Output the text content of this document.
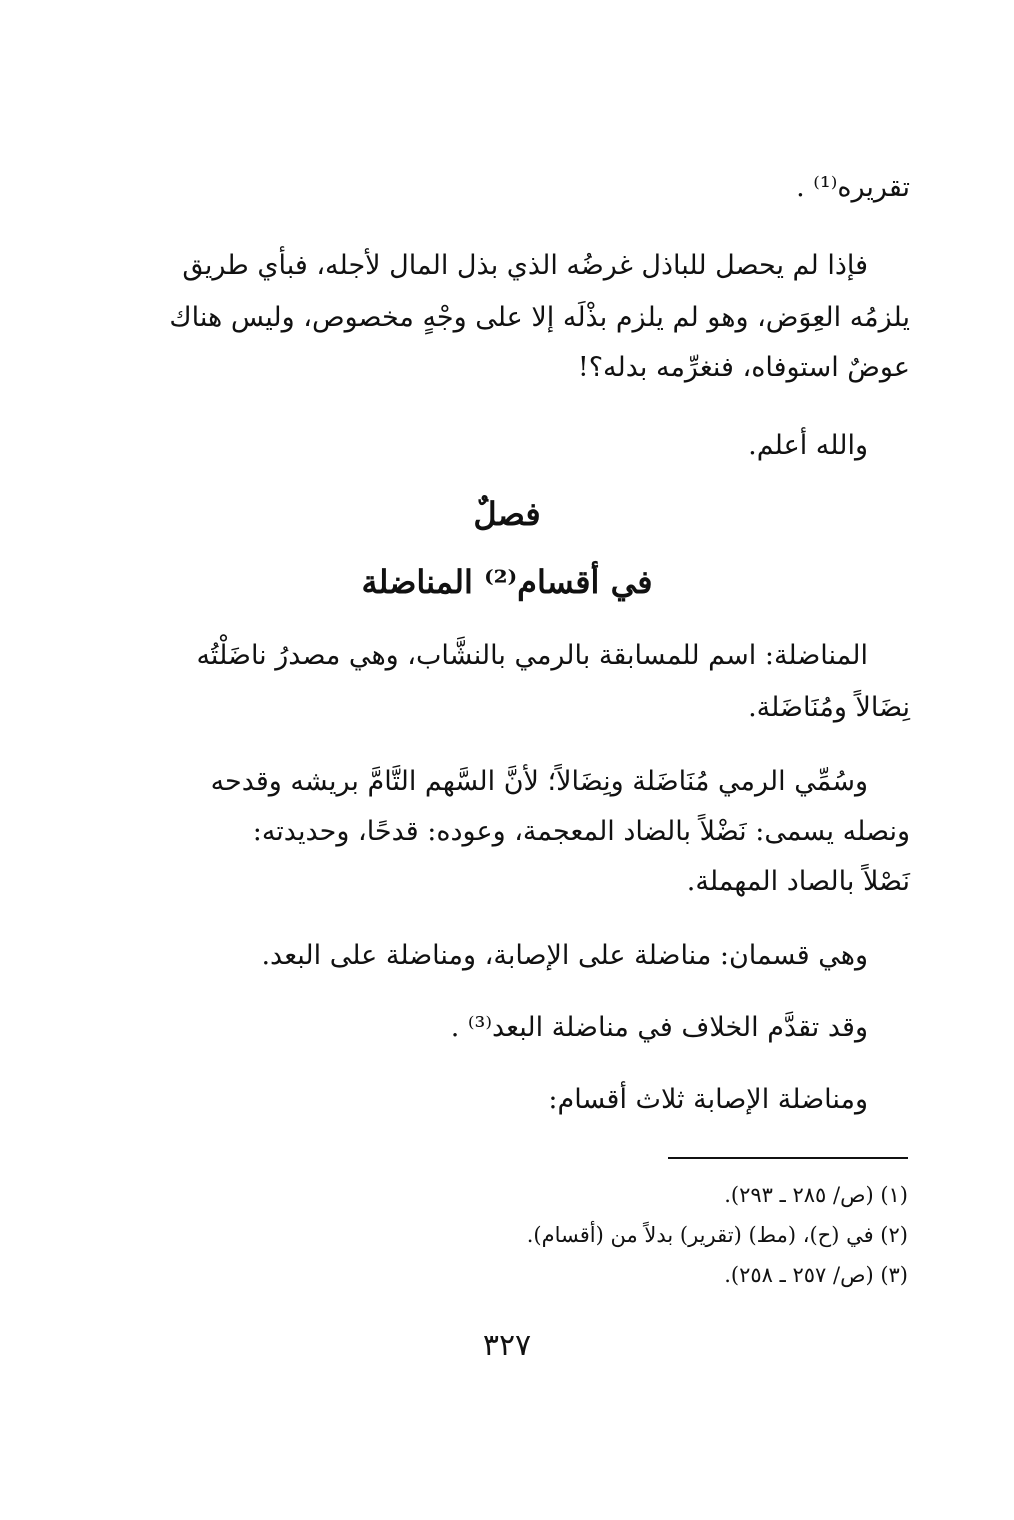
تقريره⁽¹⁾ .
فإذا لم يحصل للباذل غرضُه الذي بذل المال لأجله، فبأي طريق
يلزمُه العِوَض، وهو لم يلزم بذْلَه إلا على وجْهٍ مخصوص، وليس هناك
عوضٌ استوفاه، فنغرِّمه بدله؟!
والله أعلم.
فصلٌ
في أقسام⁽²⁾ المناضلة
المناضلة: اسم للمسابقة بالرمي بالنشَّاب، وهي مصدرُ ناضَلْتُه
نِضَالاً ومُنَاضَلة.
وسُمِّي الرمي مُنَاضَلة ونِضَالاً؛ لأنَّ السَّهم التَّامَّ بريشه وقدحه
ونصله يسمى: نَضْلاً بالضاد المعجمة، وعوده: قدحًا، وحديدته:
نَصْلاً بالصاد المهملة.
وهي قسمان: مناضلة على الإصابة، ومناضلة على البعد.
وقد تقدَّم الخلاف في مناضلة البعد⁽³⁾ .
ومناضلة الإصابة ثلاث أقسام:
(١) (ص/ ٢٨٥ ـ ٢٩٣).
(٢) في (ح)، (مط) (تقرير) بدلاً من (أقسام).
(٣) (ص/ ٢٥٧ ـ ٢٥٨).
٣٢٧
